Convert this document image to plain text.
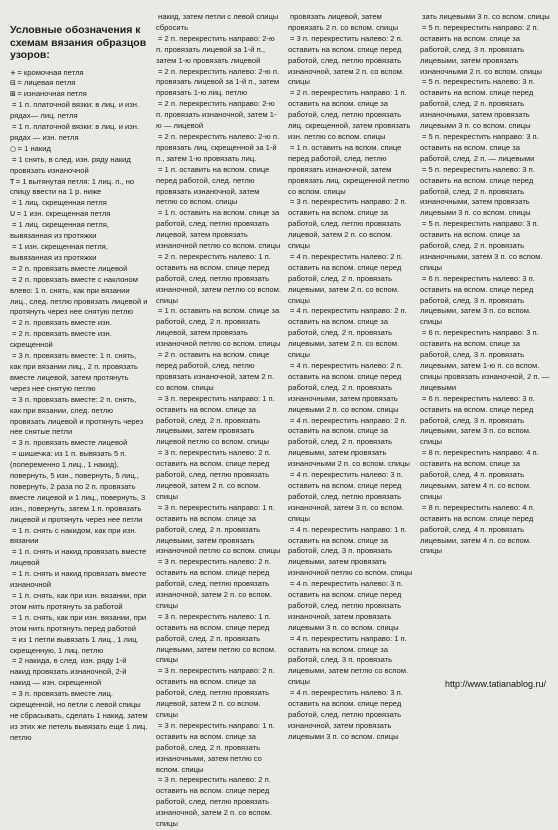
Условные обозначения к схемам вязания образцов узоров:

+ = кромочная петля

⊟ = лицевая петля

⊞ = изнаночная петля

= 1 п. платочной вязки: в лиц. и изн. рядах— лиц. петля

= 1 п. платочной вязки: в лиц. и изн. рядах — изн. петля

○ = 1 накид

= 1 снять, в след. изн. ряду накид провязать изнаночной

T = 1 вытянутая петля: 1 лиц. п., но спицу ввести на 1 р. ниже

= 1 лиц. скрещенная петля

U = 1 изн. скрещенная петля

= 1 лиц. скрещенная петля, вывязанная из протяжки

= 1 изн. скрещенная петля, вывязанная из протяжки

= 2 п. провязать вместе лицевой

= 2 п. провязать вместе с наклоном влево: 1 п. снять, как при вязании лиц., след. петлю провязать лицевой и протянуть через нее снятую петлю

= 2 п. провязать вместе изн.

= 2 п. провязать вместе изн. скрещенной

= 3 п. провязать вместе: 1 п. снять, как при вязании лиц., 2 п. провязать вместе лицевой, затем протянуть через нее снятую петлю

= 3 п. провязать вместе: 2 п. снять, как при вязании, след. петлю провязать лицевой и протянуть через нее снятые петли

= 3 п. провязать вместе лицевой

= шишечка: из 1 п. вывязать 5 п. (попеременно 1 лиц., 1 накид), повернуть, 5 изн., повернуть, 5 лиц., повернуть, 2 раза по 2 п. провязать вместе лицевой и 1 лиц., повернуть, 3 изн., повернуть, затем 1 п. провязать лицевой и протянуть через нее петли

= 1 п. снять с накидом, как при изн. вязании

= 1 п. снять и накид провязать вместе лицевой

= 1 п. снять и накид провязать вместе изнаночной

= 1 п. снять, как при изн. вязании, при этом нить протянуть за работой

= 1 п. снять, как при изн. вязании, при этом нить протянуть перед работой

= из 1 петли вывязать 1 лиц., 1 лиц. скрещенную, 1 лиц. петлю

= 2 накида, в след. изн. ряду 1-й накид провязать изнаночной, 2-й накид — изн. скрещенной

= 3 п. провязать вместе лиц. скрещенной, но петли с левой спицы не сбрасывать, сделать 1 накид, затем из этих же петель вывязать еще 1 лиц. петлю

накид, затем петли с левой спицы сбросить

= 2 п. перекрестить направо: 2-ю п. провязать лицевой за 1-й п., затем 1-ю провязать лицевой

= 2 п. перекрестить налево: 2-ю п. провязать лицевой за 1-й п., затем провязать 1-ю лиц. петлю

= 2 п. перекрестить направо: 2-ю п. провязать изнаночной, затем 1-ю — лицевой

= 2 п. перекрестить налево: 2-ю п. провязать лиц. скрещенной за 1-й п., затем 1-ю провязать лиц.

= 1 п. оставить на вспом. спице перед работой, след. петлю провязать изнаночной, затем петлю со вспом. спицы

= 1 п. оставить на вспом. спице за работой, след. петлю провязать лицевой, затем провязать изнаночной петлю со вспом. спицы

= 2 п. перекрестить налево: 1 п. оставить на вспом. спице перед работой, след. петлю провязать изнаночной, затем петлю со вспом. спицы

= 1 п. оставить на вспом. спице за работой, след. 2 п. провязать лицевой, затем провязать изнаночной петлю со вспом. спицы

= 2 п. оставить на вспом. спице перед работой, след. петлю провязать изнаночной, затем 2 п. со вспом. спицы

= 3 п. перекрестить направо: 1 п. оставить на вспом. спице за работой, след. 2 п. провязать лицевыми, затем провязать лицевой петлю со вспом. спицы

= 3 п. перекрестить налево: 2 п. оставить на вспом. спице перед работой, след. петлю провязать лицевой, затем 2 п. со вспом. спицы

= 3 п. перекрестить направо: 1 п. оставить на вспом. спице за работой, след. 2 п. провязать лицевыми, затем провязать изнаночной петлю со вспом. спицы

= 3 п. перекрестить налево: 2 п. оставить на вспом. спице перед работой, след. петлю провязать изнаночной, затем 2 п. со вспом. спицы

= 3 п. перекрестить налево: 1 п. оставить на вспом. спице перед работой, след. 2 п. провязать лицевыми, затем петлю со вспом. спицы

= 3 п. перекрестить направо: 2 п. оставить на вспом. спице за работой, след. петлю провязать лицевой, затем 2 п. со вспом. спицы

= 3 п. перекрестить направо: 1 п. оставить на вспом. спице за работой, след. 2 п. провязать изнаночными, затем петлю со вспом. спицы

= 3 п. перекрестить налево: 2 п. оставить на вспом. спице перед работой, след. петлю провязать изнаночной, затем 2 п. со вспом. спицы

провязать лицевой, затем провязать 2 п. со вспом. спицы

= 3 п. перекрестить налево: 2 п. оставить на вспом. спице перед работой, след. петлю провязать изнаночной, затем 2 п. со вспом. спицы

= 2 п. перекрестить направо: 1 п. оставить на вспом. спице за работой, след. петлю провязать лиц. скрещенной, затем провязать изн. петлю со вспом. спицы

= 1 п. оставить на вспом. спице перед работой, след. петлю провязать изнаночной, затем провязать лиц. скрещенной петлю со вспом. спицы

= 3 п. перекрестить направо: 2 п. оставить на вспом. спице за работой, след. петлю провязать лицевой, затем 2 п. со вспом. спицы

= 4 п. перекрестить налево: 2 п. оставить на вспом. спице перед работой, след. 2 п. провязать лицевыми, затем 2 п. со вспом. спицы

= 4 п. перекрестить направо: 2 п. оставить на вспом. спице за работой, след. 2 п. провязать лицевыми, затем 2 п. со вспом. спицы

= 4 п. перекрестить налево: 2 п. оставить на вспом. спице перед работой, след. 2 п. провязать изнаночными, затем провязать лицевыми 2 п. со вспом. спицы

= 4 п. перекрестить направо: 2 п. оставить на вспом. спице за работой, след. 2 п. провязать лицевыми, затем провязать изнаночными 2 п. со вспом. спицы

= 4 п. перекрестить налево: 3 п. оставить на вспом. спице перед работой, след. петлю провязать изнаночной, затем 3 п. со вспом. спицы

= 4 п. перекрестить направо: 1 п. оставить на вспом. спице за работой, след. 3 п. провязать лицевыми, затем провязать изнаночной петлю со вспом. спицы

= 4 п. перекрестить налево: 3 п. оставить на вспом. спице перед работой, след. петлю провязать изнаночной, затем провязать лицевыми 3 п. со вспом. спицы

= 4 п. перекрестить направо: 1 п. оставить на вспом. спице за работой, след. 3 п. провязать лицевыми, затем петлю со вспом. спицы

= 4 п. перекрестить налево: 3 п. оставить на вспом. спице перед работой, след. петлю провязать изнаночной, затем провязать лицевыми 3 п. со вспом. спицы

зать лицевыми 3 п. со вспом. спицы

= 5 п. перекрестить направо: 2 п. оставить на вспом. спице за работой, след. 3 п. провязать лицевыми, затем провязать изнаночными 2 п. со вспом. спицы

= 5 п. перекрестить налево: 3 п. оставить на вспом. спице перед работой, след. 2 п. провязать изнаночными, затем провязать лицевыми 3 п. со вспом. спицы

= 5 п. перекрестить направо: 3 п. оставить на вспом. спице за работой, след. 2 п. — лицевыми

= 5 п. перекрестить налево: 3 п. оставить на вспом. спице перед работой, след. 2 п. провязать изнаночными, затем провязать лицевыми 3 п. со вспом. спицы

= 5 п. перекрестить направо: 3 п. оставить на вспом. спице за работой, след. 2 п. провязать изнаночными, затем 3 п. со вспом. спицы

= 6 п. перекрестить налево: 3 п. оставить на вспом. спице перед работой, след. 3 п. провязать лицевыми, затем 3 п. со вспом. спицы

= 6 п. перекрестить направо: 3 п. оставить на вспом. спице за работой, след. 3 п. провязать лицевыми, затем 1-ю п. со вспом. спицы провязать изнаночной, 2 п. — лицевыми

= 6 п. перекрестить налево: 3 п. оставить на вспом. спице перед работой, след. 3 п. провязать лицевыми, затем 3 п. со вспом. спицы

= 8 п. перекрестить направо: 4 п. оставить на вспом. спице за работой, след. 4 п. провязать лицевыми, затем 4 п. со вспом. спицы

= 8 п. перекрестить налево: 4 п. оставить на вспом. спице перед работой, след. 4 п. провязать лицевыми, затем 4 п. со вспом. спицы

http://www.tatianablog.ru/
